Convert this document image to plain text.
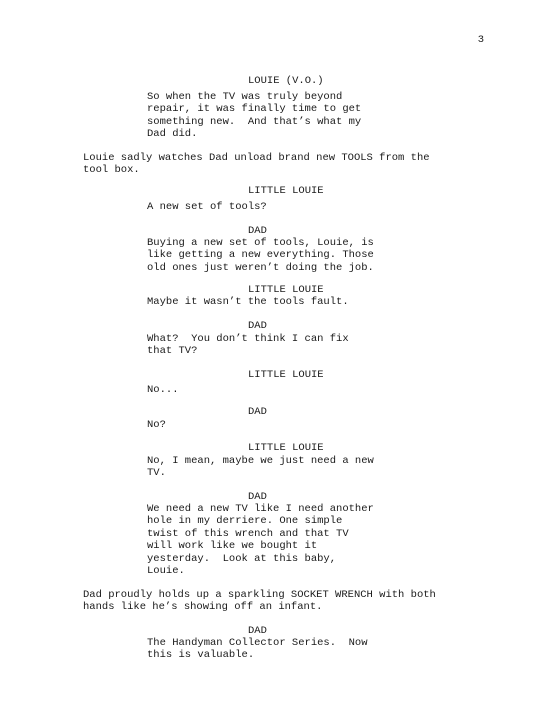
3
LOUIE (V.O.)
So when the TV was truly beyond
repair, it was finally time to get
something new.  And that’s what my
Dad did.
Louie sadly watches Dad unload brand new TOOLS from the
tool box.
LITTLE LOUIE
A new set of tools?
DAD
Buying a new set of tools, Louie, is
like getting a new everything. Those
old ones just weren’t doing the job.
LITTLE LOUIE
Maybe it wasn’t the tools fault.
DAD
What?  You don’t think I can fix
that TV?
LITTLE LOUIE
No...
DAD
No?
LITTLE LOUIE
No, I mean, maybe we just need a new
TV.
DAD
We need a new TV like I need another
hole in my derriere. One simple
twist of this wrench and that TV
will work like we bought it
yesterday.  Look at this baby,
Louie.
Dad proudly holds up a sparkling SOCKET WRENCH with both
hands like he’s showing off an infant.
DAD
The Handyman Collector Series.  Now
this is valuable.
